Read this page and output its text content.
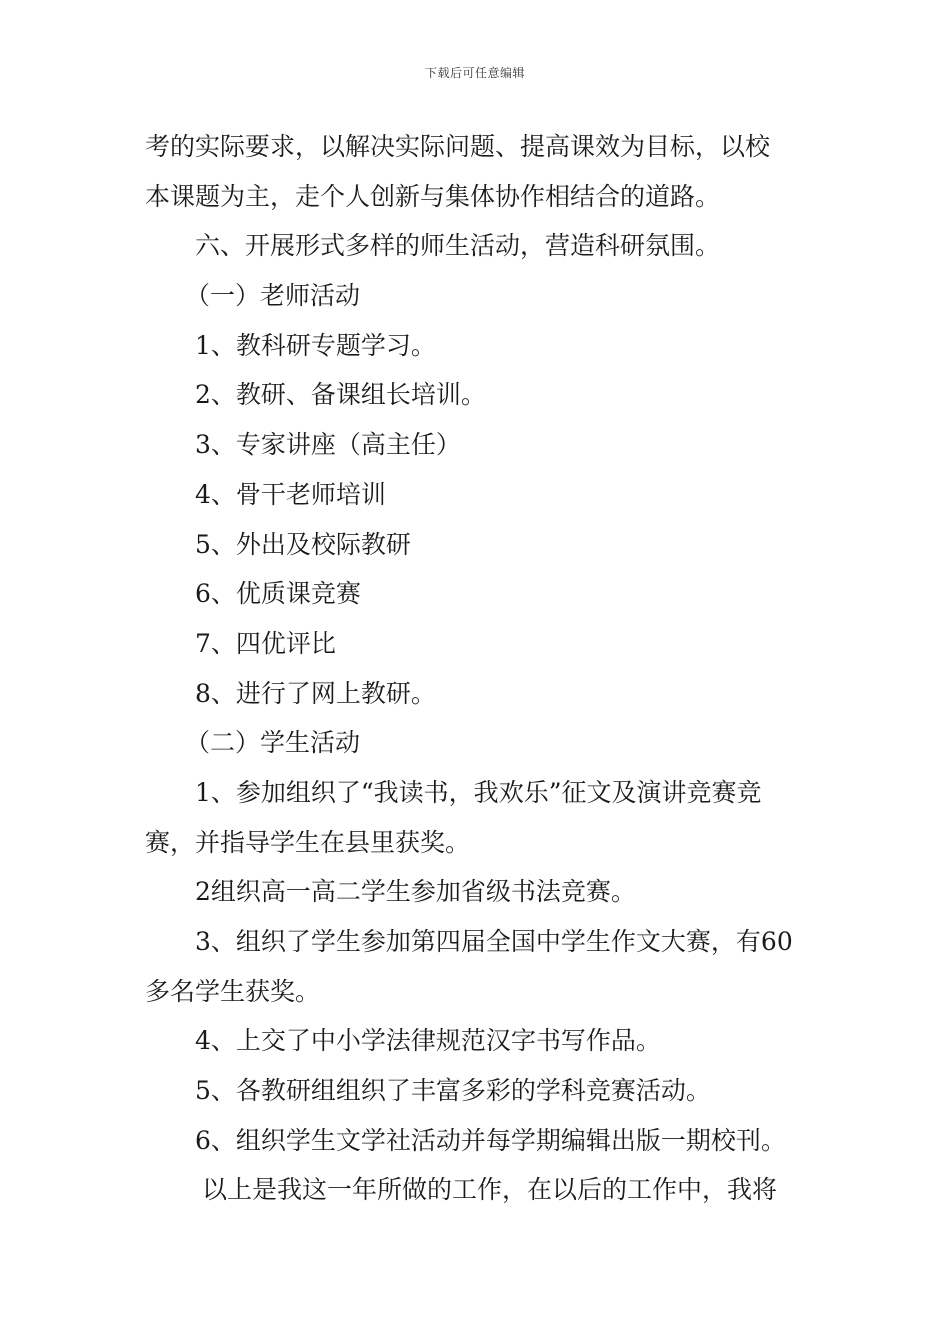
下载后可任意编辑
考的实际要求，以解决实际问题、提高课效为目标，以校
本课题为主，走个人创新与集体协作相结合的道路。
六、开展形式多样的师生活动，营造科研氛围。
（一）老师活动
1、教科研专题学习。
2、教研、备课组长培训。
3、专家讲座（高主任）
4、骨干老师培训
5、外出及校际教研
6、优质课竞赛
7、四优评比
8、进行了网上教研。
（二）学生活动
1、参加组织了“我读书，我欢乐”征文及演讲竞赛竞
赛，并指导学生在县里获奖。
2组织高一高二学生参加省级书法竞赛。
3、组织了学生参加第四届全国中学生作文大赛，有60
多名学生获奖。
4、上交了中小学法律规范汉字书写作品。
5、各教研组组织了丰富多彩的学科竞赛活动。
6、组织学生文学社活动并每学期编辑出版一期校刊。
以上是我这一年所做的工作，在以后的工作中，我将
